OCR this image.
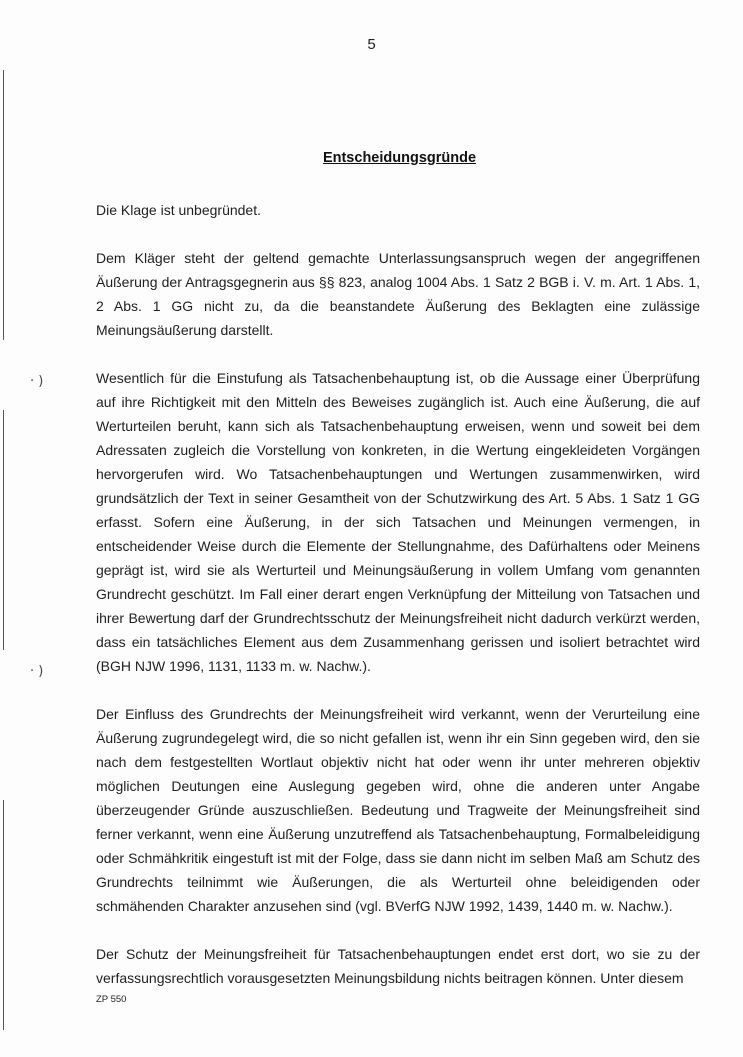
· )
· )
5
Entscheidungsgründe

Die Klage ist unbegründet.

Dem Kläger steht der geltend gemachte Unterlassungsanspruch wegen der angegriffenen Äußerung der Antragsgegnerin aus §§ 823, analog 1004 Abs. 1 Satz 2 BGB i. V. m. Art. 1 Abs. 1, 2 Abs. 1 GG nicht zu, da die beanstandete Äußerung des Beklagten eine zulässige Meinungsäußerung darstellt.

Wesentlich für die Einstufung als Tatsachenbehauptung ist, ob die Aussage einer Überprüfung auf ihre Richtigkeit mit den Mitteln des Beweises zugänglich ist. Auch eine Äußerung, die auf Werturteilen beruht, kann sich als Tatsachenbehauptung erweisen, wenn und soweit bei dem Adressaten zugleich die Vorstellung von konkreten, in die Wertung eingekleideten Vorgängen hervorgerufen wird. Wo Tatsachenbehauptungen und Wertungen zusammenwirken, wird grundsätzlich der Text in seiner Gesamtheit von der Schutzwirkung des Art. 5 Abs. 1 Satz 1 GG erfasst. Sofern eine Äußerung, in der sich Tatsachen und Meinungen vermengen, in entscheidender Weise durch die Elemente der Stellungnahme, des Dafürhaltens oder Meinens geprägt ist, wird sie als Werturteil und Meinungsäußerung in vollem Umfang vom genannten Grundrecht geschützt. Im Fall einer derart engen Verknüpfung der Mitteilung von Tatsachen und ihrer Bewertung darf der Grundrechtsschutz der Meinungsfreiheit nicht dadurch verkürzt werden, dass ein tatsächliches Element aus dem Zusammenhang gerissen und isoliert betrachtet wird (BGH NJW 1996, 1131, 1133 m. w. Nachw.).

Der Einfluss des Grundrechts der Meinungsfreiheit wird verkannt, wenn der Verurteilung eine Äußerung zugrundegelegt wird, die so nicht gefallen ist, wenn ihr ein Sinn gegeben wird, den sie nach dem festgestellten Wortlaut objektiv nicht hat oder wenn ihr unter mehreren objektiv möglichen Deutungen eine Auslegung gegeben wird, ohne die anderen unter Angabe überzeugender Gründe auszuschließen. Bedeutung und Tragweite der Meinungsfreiheit sind ferner verkannt, wenn eine Äußerung unzutreffend als Tatsachenbehauptung, Formalbeleidigung oder Schmähkritik eingestuft ist mit der Folge, dass sie dann nicht im selben Maß am Schutz des Grundrechts teilnimmt wie Äußerungen, die als Werturteil ohne beleidigenden oder schmähenden Charakter anzusehen sind (vgl. BVerfG NJW 1992, 1439, 1440 m. w. Nachw.).

Der Schutz der Meinungsfreiheit für Tatsachenbehauptungen endet erst dort, wo sie zu der verfassungsrechtlich vorausgesetzten Meinungsbildung nichts beitragen können. Unter diesem

ZP 550
